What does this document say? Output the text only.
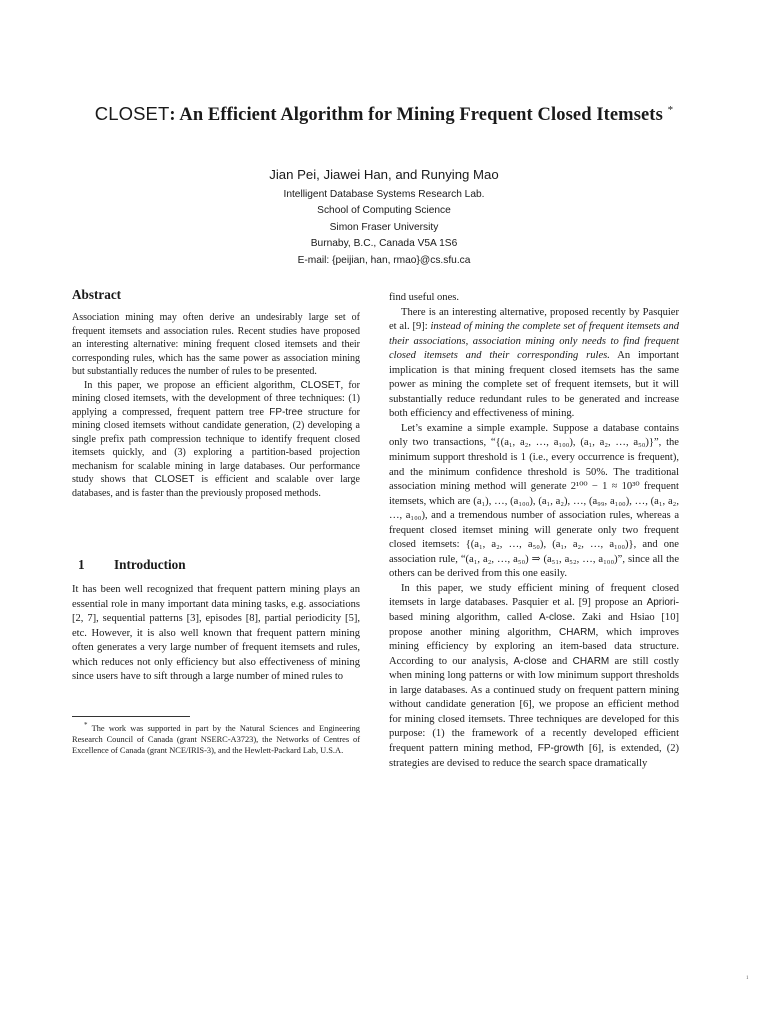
CLOSET: An Efficient Algorithm for Mining Frequent Closed Itemsets *
Jian Pei, Jiawei Han, and Runying Mao
Intelligent Database Systems Research Lab.
School of Computing Science
Simon Fraser University
Burnaby, B.C., Canada V5A 1S6
E-mail: {peijian, han, rmao}@cs.sfu.ca
Abstract

Association mining may often derive an undesirably large set of frequent itemsets and association rules. Recent studies have proposed an interesting alternative: mining frequent closed itemsets and their corresponding rules, which has the same power as association mining but substantially reduces the number of rules to be presented.

In this paper, we propose an efficient algorithm, CLOSET, for mining closed itemsets, with the development of three techniques: (1) applying a compressed, frequent pattern tree FP-tree structure for mining closed itemsets without candidate generation, (2) developing a single prefix path compression technique to identify frequent closed itemsets quickly, and (3) exploring a partition-based projection mechanism for scalable mining in large databases. Our performance study shows that CLOSET is efficient and scalable over large databases, and is faster than the previously proposed methods.

1 Introduction

It has been well recognized that frequent pattern mining plays an essential role in many important data mining tasks, e.g. associations [2, 7], sequential patterns [3], episodes [8], partial periodicity [5], etc. However, it is also well known that frequent pattern mining often generates a very large number of frequent itemsets and rules, which reduces not only efficiency but also effectiveness of mining since users have to sift through a large number of mined rules to

* The work was supported in part by the Natural Sciences and Engineering Research Council of Canada (grant NSERC-A3723), the Networks of Centres of Excellence of Canada (grant NCE/IRIS-3), and the Hewlett-Packard Lab, U.S.A.

find useful ones.

There is an interesting alternative, proposed recently by Pasquier et al. [9]: instead of mining the complete set of frequent itemsets and their associations, association mining only needs to find frequent closed itemsets and their corresponding rules. An important implication is that mining frequent closed itemsets has the same power as mining the complete set of frequent itemsets, but it will substantially reduce redundant rules to be generated and increase both efficiency and effectiveness of mining.

Let’s examine a simple example. Suppose a database contains only two transactions, “{(a₁, a₂, …, a₁₀₀), (a₁, a₂, …, a₅₀)}”, the minimum support threshold is 1 (i.e., every occurrence is frequent), and the minimum confidence threshold is 50%. The traditional association mining method will generate 2¹⁰⁰ − 1 ≈ 10³⁰ frequent itemsets, which are (a₁), …, (a₁₀₀), (a₁, a₂), …, (a₉₉, a₁₀₀), …, (a₁, a₂, …, a₁₀₀), and a tremendous number of association rules, whereas a frequent closed itemset mining will generate only two frequent closed itemsets: {(a₁, a₂, …, a₅₀), (a₁, a₂, …, a₁₀₀)}, and one association rule, “(a₁, a₂, …, a₅₀) ⇒ (a₅₁, a₅₂, …, a₁₀₀)”, since all the others can be derived from this one easily.

In this paper, we study efficient mining of frequent closed itemsets in large databases. Pasquier et al. [9] propose an Apriori-based mining algorithm, called A-close. Zaki and Hsiao [10] propose another mining algorithm, CHARM, which improves mining efficiency by exploring an item-based data structure. According to our analysis, A-close and CHARM are still costly when mining long patterns or with low minimum support thresholds in large databases. As a continued study on frequent pattern mining without candidate generation [6], we propose an efficient method for mining closed itemsets. Three techniques are developed for this purpose: (1) the framework of a recently developed efficient frequent pattern mining method, FP-growth [6], is extended, (2) strategies are devised to reduce the search space dramatically

1
